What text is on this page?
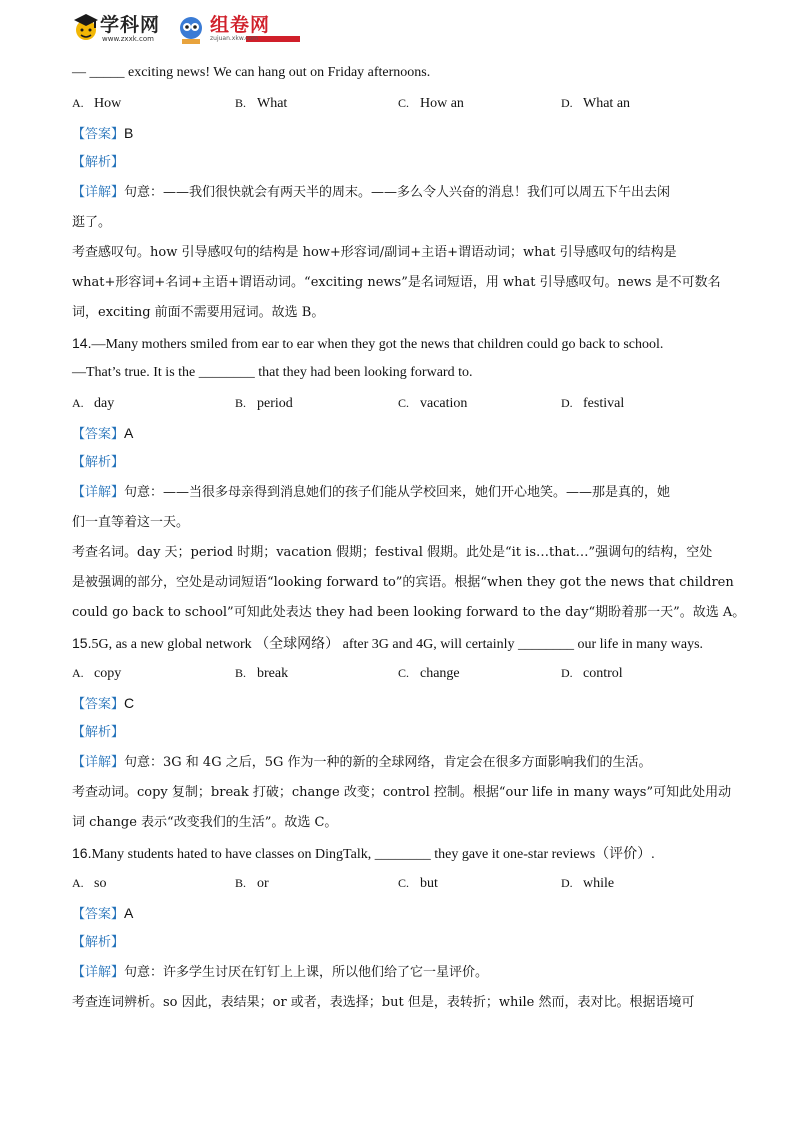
学科网
www.zxxk.com
组卷网
zujuan.xkw.com
— _____ exciting news! We can hang out on Friday afternoons.
A. How	B. What	C. How an	D. What an
【答案】B
【解析】
【详解】句意：——我们很快就会有两天半的周末。——多么令人兴奋的消息！我们可以周五下午出去闲
逛了。
考查感叹句。how 引导感叹句的结构是 how+形容词/副词+主语+谓语动词；what 引导感叹句的结构是
what+形容词+名词+主语+谓语动词。“exciting news”是名词短语，用 what 引导感叹句。news 是不可数名
词，exciting 前面不需要用冠词。故选 B。
14.—Many mothers smiled from ear to ear when they got the news that children could go back to school.
—That’s true. It is the ________ that they had been looking forward to.
A. day	B. period	C. vacation	D. festival
【答案】A
【解析】
【详解】句意：——当很多母亲得到消息她们的孩子们能从学校回来，她们开心地笑。——那是真的，她
们一直等着这一天。
考查名词。day 天；period 时期；vacation 假期；festival 假期。此处是“it is…that…”强调句的结构，空处
是被强调的部分，空处是动词短语“looking forward to”的宾语。根据“when they got the news that children
could go back to school”可知此处表达 they had been looking forward to the day“期盼着那一天”。故选 A。
15.5G, as a new global network （全球网络） after 3G and 4G, will certainly ________ our life in many ways.
A. copy	B. break	C. change	D. control
【答案】C
【解析】
【详解】句意：3G 和 4G 之后，5G 作为一种的新的全球网络，肯定会在很多方面影响我们的生活。
考查动词。copy 复制；break 打破；change 改变；control 控制。根据“our life in many ways”可知此处用动
词 change 表示“改变我们的生活”。故选 C。
16.Many students hated to have classes on DingTalk, ________ they gave it one-star reviews（评价）.
A. so	B. or	C. but	D. while
【答案】A
【解析】
【详解】句意：许多学生讨厌在钉钉上上课，所以他们给了它一星评价。
考查连词辨析。so 因此，表结果；or 或者，表选择；but 但是，表转折；while 然而，表对比。根据语境可
